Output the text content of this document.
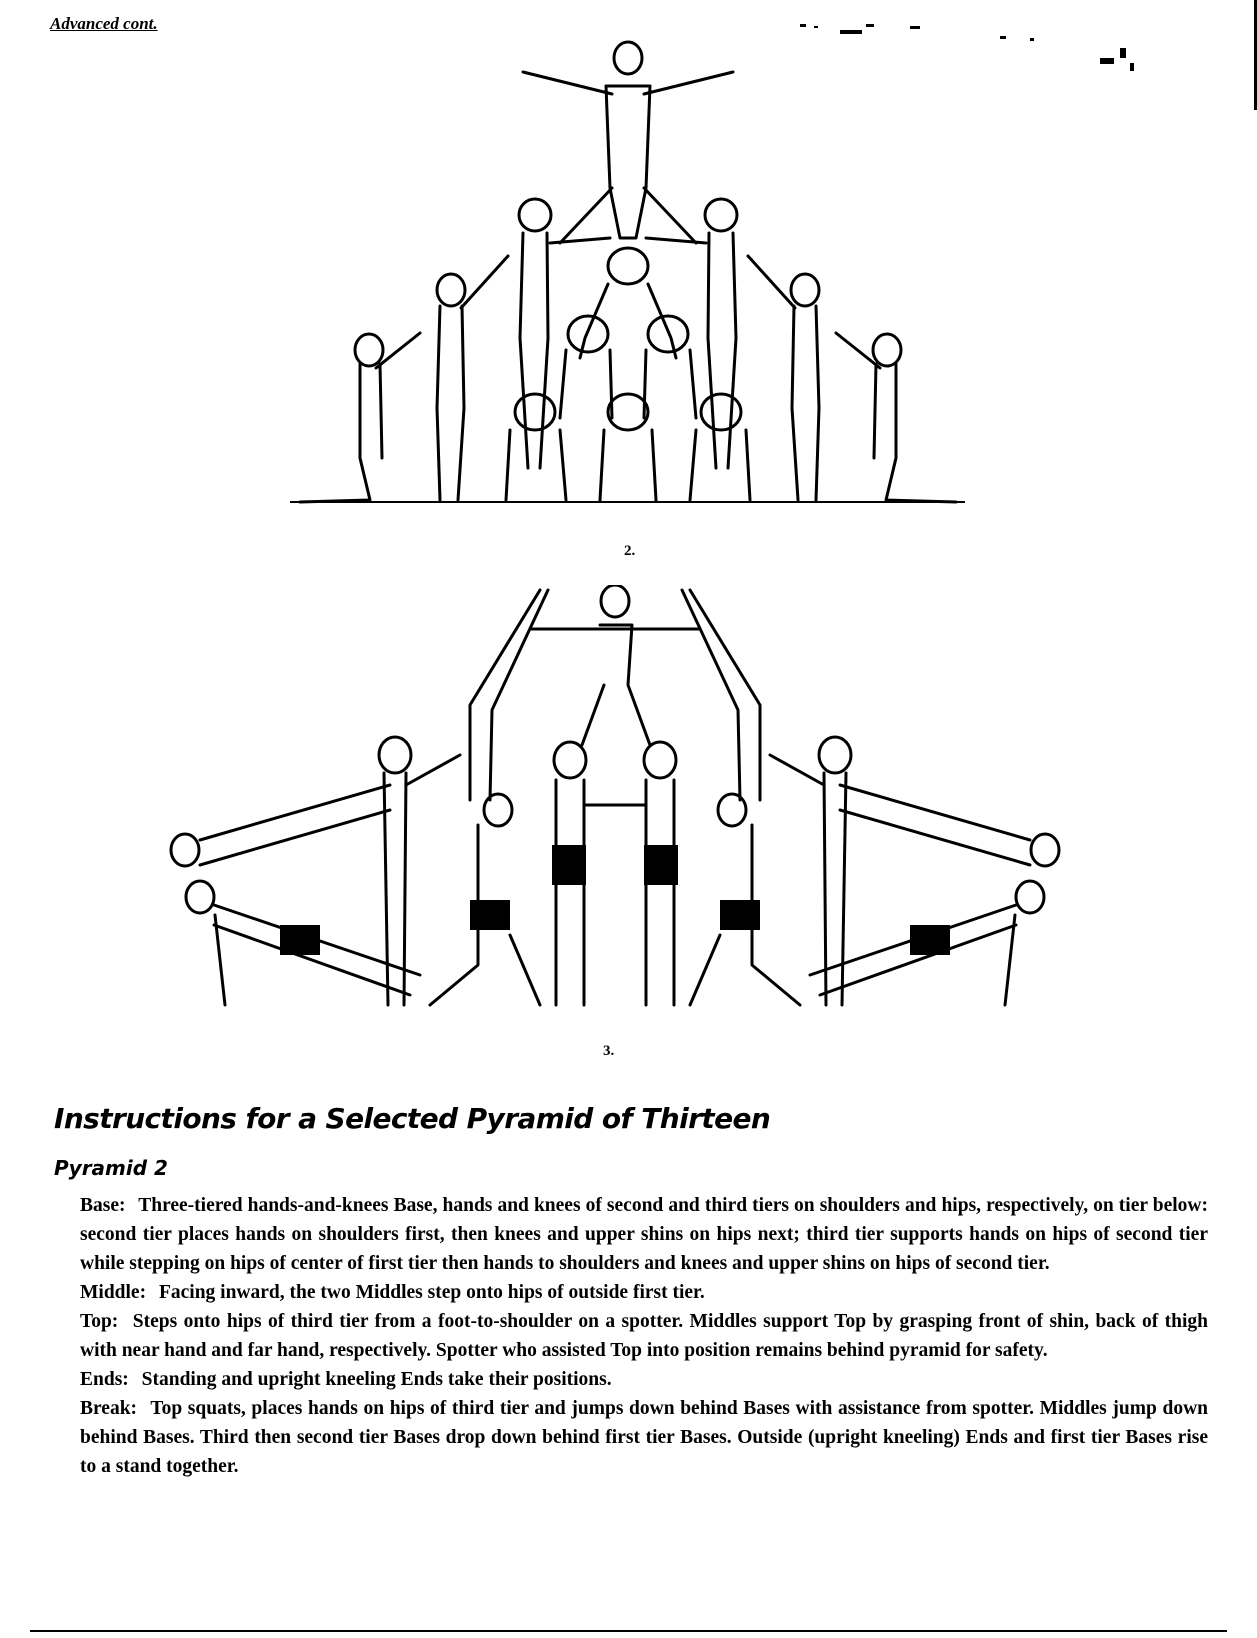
Advanced cont.
2.
3.
Instructions for a Selected Pyramid of Thirteen
Pyramid 2

Base: Three-tiered hands-and-knees Base, hands and knees of second and third tiers on shoulders and hips, respectively, on tier below: second tier places hands on shoulders first, then knees and upper shins on hips next; third tier supports hands on hips of second tier while stepping on hips of center of first tier then hands to shoulders and knees and upper shins on hips of second tier.

Middle: Facing inward, the two Middles step onto hips of outside first tier.

Top: Steps onto hips of third tier from a foot-to-shoulder on a spotter. Middles support Top by grasping front of shin, back of thigh with near hand and far hand, respectively. Spotter who assisted Top into position remains behind pyramid for safety.

Ends: Standing and upright kneeling Ends take their positions.

Break: Top squats, places hands on hips of third tier and jumps down behind Bases with assistance from spotter. Middles jump down behind Bases. Third then second tier Bases drop down behind first tier Bases. Outside (upright kneeling) Ends and first tier Bases rise to a stand together.
